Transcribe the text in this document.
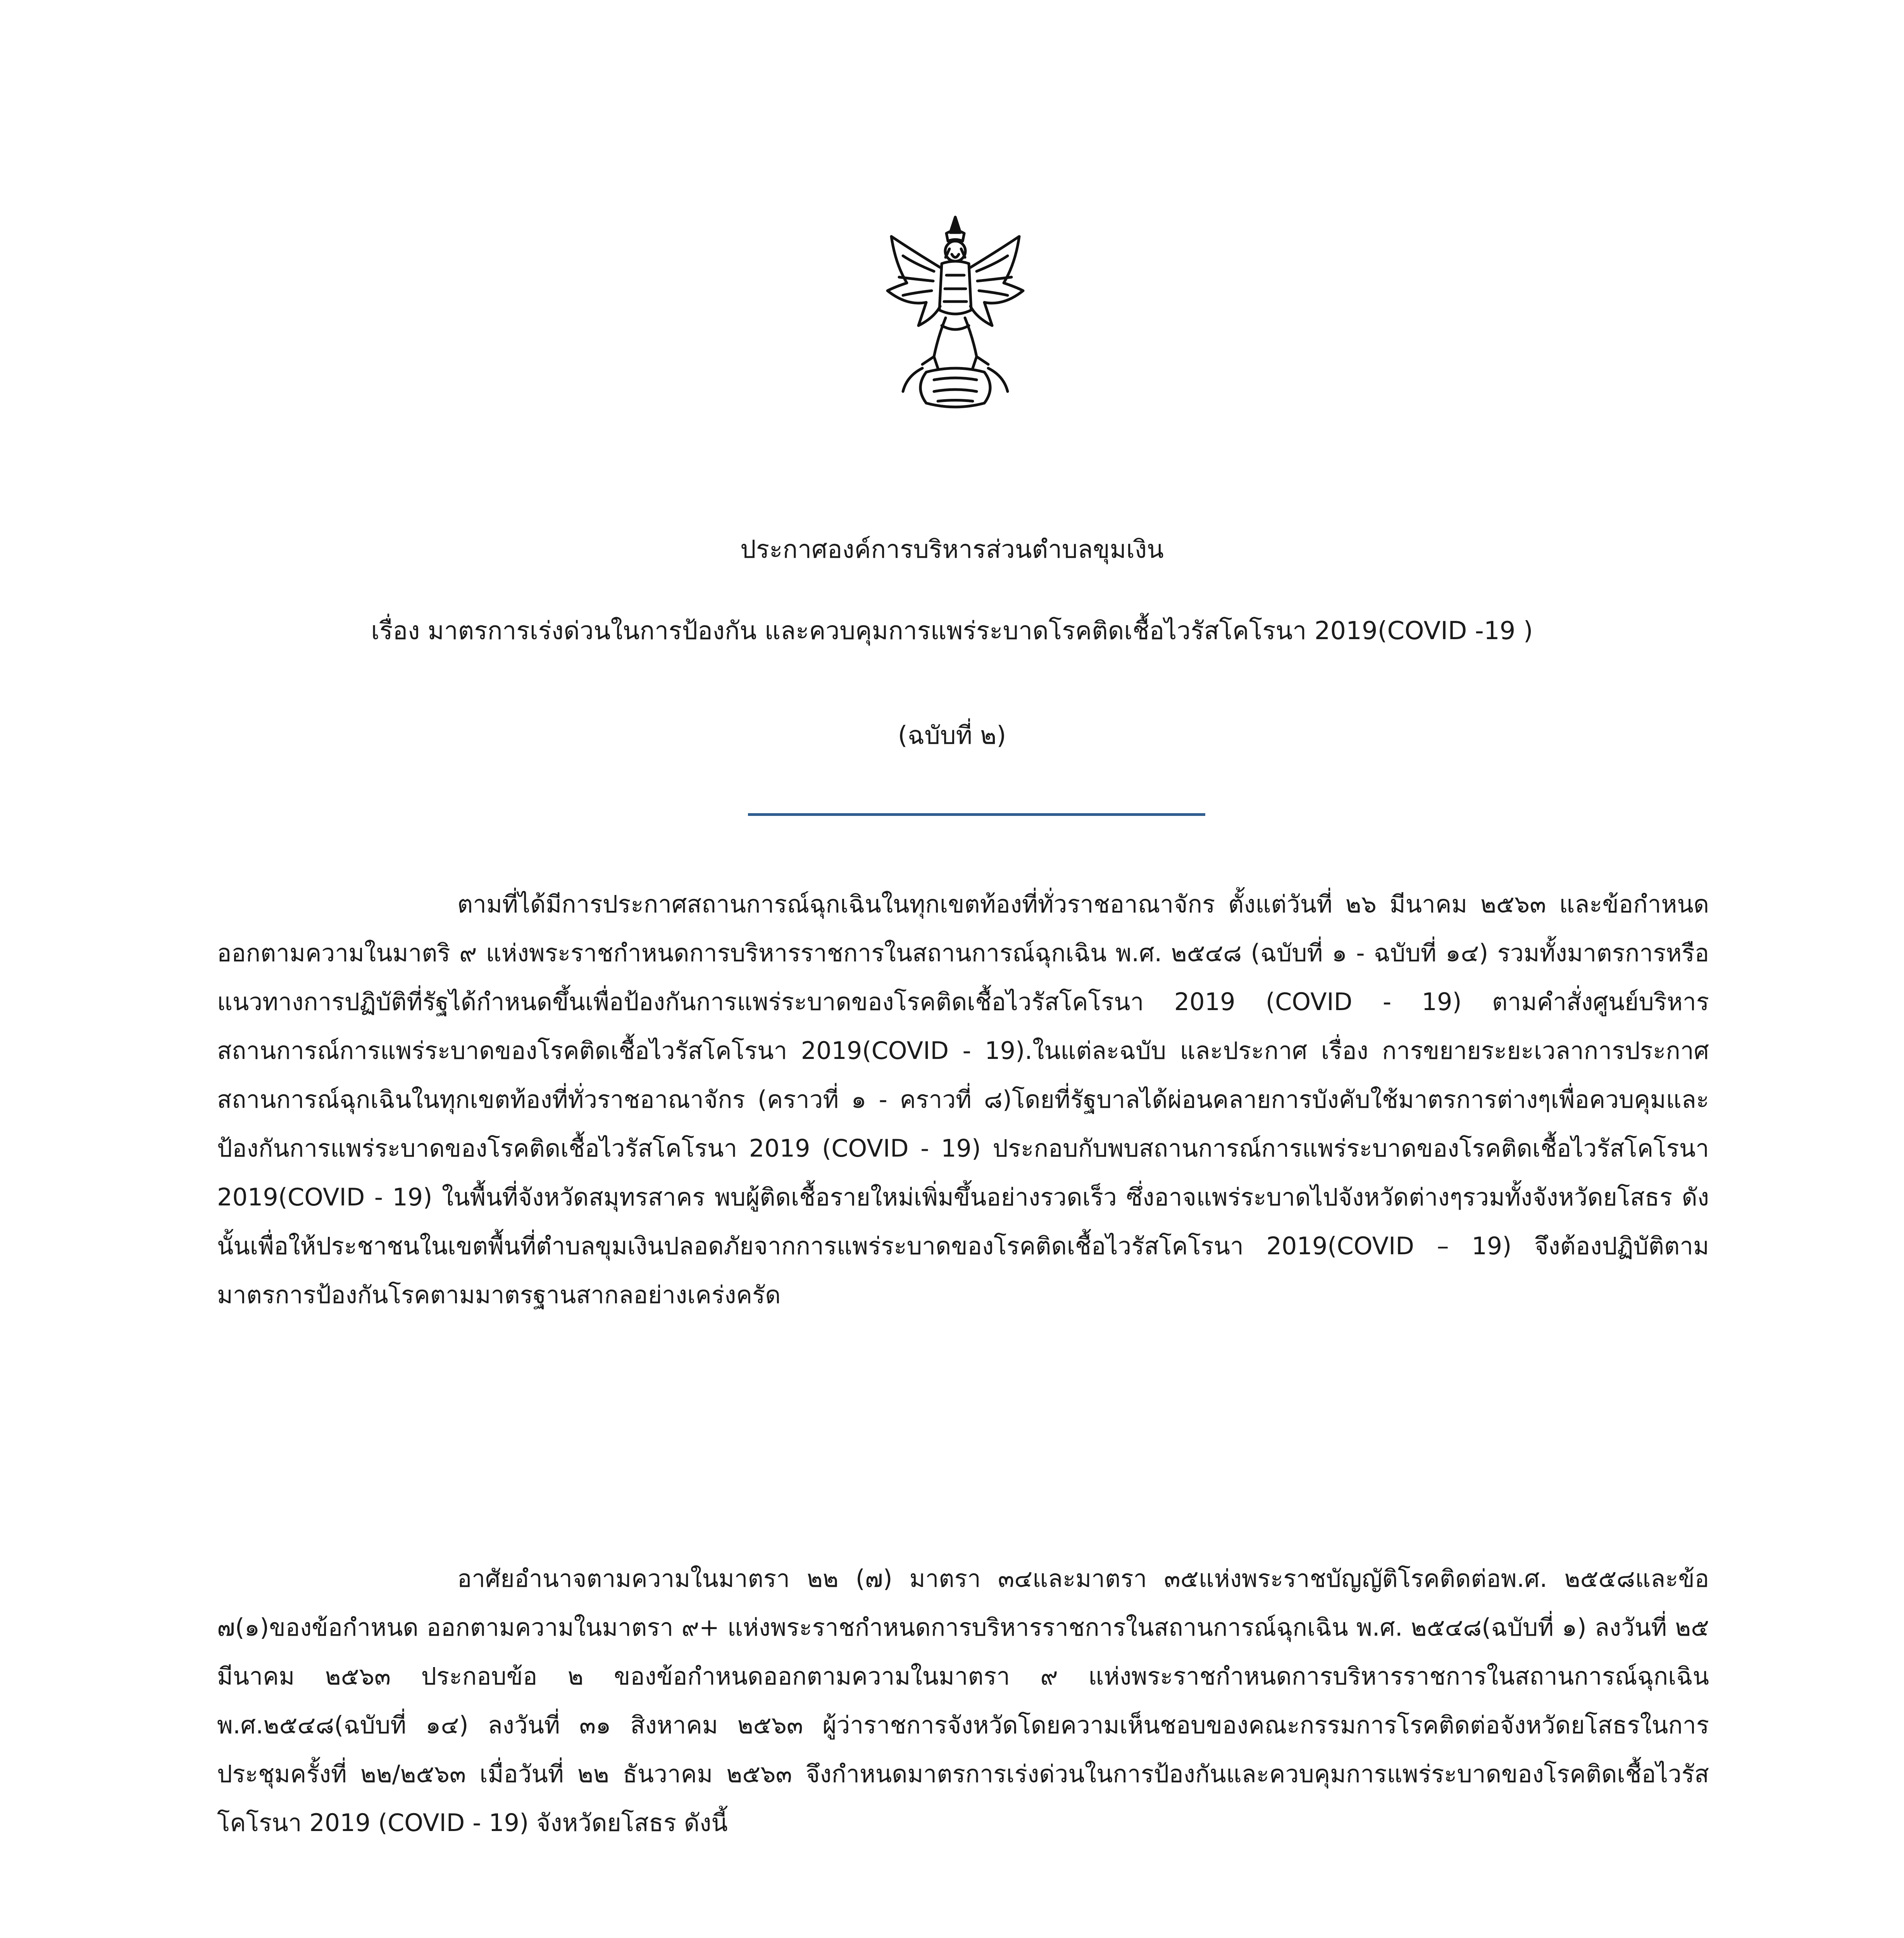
ประกาศองค์การบริหารส่วนตำบลขุมเงิน
เรื่อง มาตรการเร่งด่วนในการป้องกัน และควบคุมการแพร่ระบาดโรคติดเชื้อไวรัสโคโรนา 2019(COVID -19 )
(ฉบับที่ ๒)

ตามที่ได้มีการประกาศสถานการณ์ฉุกเฉินในทุกเขตท้องที่ทั่วราชอาณาจักร ตั้งแต่วันที่ ๒๖ มีนาคม ๒๕๖๓ และข้อกำหนด ออกตามความในมาตริ ๙ แห่งพระราชกำหนดการบริหารราชการในสถานการณ์ฉุกเฉิน พ.ศ. ๒๕๔๘ (ฉบับที่ ๑ - ฉบับที่ ๑๔) รวมทั้งมาตรการหรือแนวทางการปฏิบัติที่รัฐได้กำหนดขึ้นเพื่อป้องกันการแพร่ระบาดของโรคติดเชื้อไวรัสโคโรนา 2019 (COVID - 19) ตามคำสั่งศูนย์บริหารสถานการณ์การแพร่ระบาดของโรคติดเชื้อไวรัสโคโรนา 2019(COVID - 19).ในแต่ละฉบับ และประกาศ เรื่อง การขยายระยะเวลาการประกาศสถานการณ์ฉุกเฉินในทุกเขตท้องที่ทั่วราชอาณาจักร (คราวที่ ๑ - คราวที่ ๘)โดยที่รัฐบาลได้ผ่อนคลายการบังคับใช้มาตรการต่างๆเพื่อควบคุมและป้องกันการแพร่ระบาดของโรคติดเชื้อไวรัสโคโรนา 2019 (COVID - 19) ประกอบกับพบสถานการณ์การแพร่ระบาดของโรคติดเชื้อไวรัสโคโรนา 2019(COVID - 19) ในพื้นที่จังหวัดสมุทรสาคร พบผู้ติดเชื้อรายใหม่เพิ่มขึ้นอย่างรวดเร็ว ซึ่งอาจแพร่ระบาดไปจังหวัดต่างๆรวมทั้งจังหวัดยโสธร ดังนั้นเพื่อให้ประชาชนในเขตพื้นที่ตำบลขุมเงินปลอดภัยจากการแพร่ระบาดของโรคติดเชื้อไวรัสโคโรนา 2019(COVID – 19) จึงต้องปฏิบัติตามมาตรการป้องกันโรคตามมาตรฐานสากลอย่างเคร่งครัด

อาศัยอำนาจตามความในมาตรา ๒๒ (๗) มาตรา ๓๔และมาตรา ๓๕แห่งพระราชบัญญัติโรคติดต่อพ.ศ. ๒๕๕๘และข้อ ๗(๑)ของข้อกำหนด ออกตามความในมาตรา ๙+ แห่งพระราชกำหนดการบริหารราชการในสถานการณ์ฉุกเฉิน พ.ศ. ๒๕๔๘(ฉบับที่ ๑) ลงวันที่ ๒๕ มีนาคม ๒๕๖๓ ประกอบข้อ ๒ ของข้อกำหนดออกตามความในมาตรา ๙ แห่งพระราชกำหนดการบริหารราชการในสถานการณ์ฉุกเฉิน พ.ศ.๒๕๔๘(ฉบับที่ ๑๔) ลงวันที่ ๓๑ สิงหาคม ๒๕๖๓ ผู้ว่าราชการจังหวัดโดยความเห็นชอบของคณะกรรมการโรคติดต่อจังหวัดยโสธรในการประชุมครั้งที่ ๒๒/๒๕๖๓ เมื่อวันที่ ๒๒ ธันวาคม ๒๕๖๓ จึงกำหนดมาตรการเร่งด่วนในการป้องกันและควบคุมการแพร่ระบาดของโรคติดเชื้อไวรัสโคโรนา 2019 (COVID - 19) จังหวัดยโสธร ดังนี้
